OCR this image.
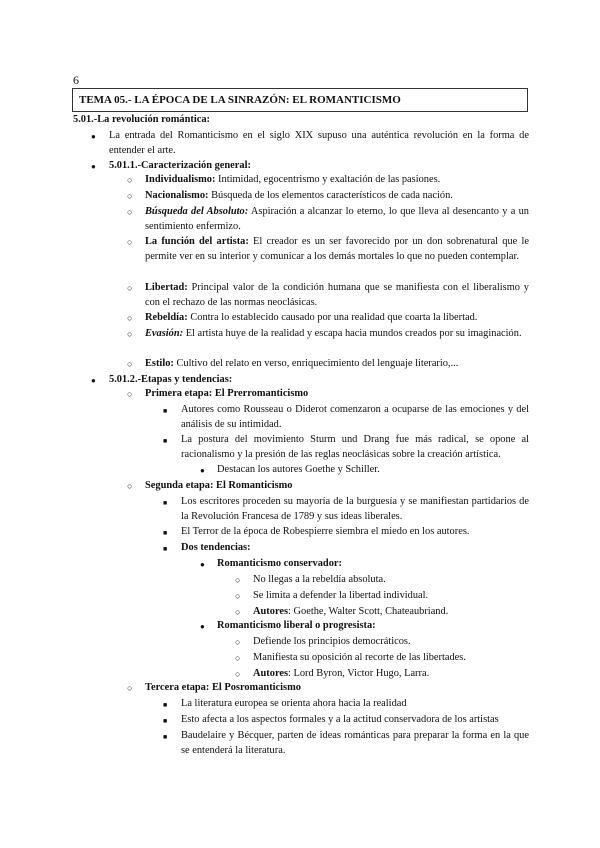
6
TEMA 05.- LA ÉPOCA DE LA SINRAZÓN: EL ROMANTICISMO
5.01.-La revolución romántica:
● La entrada del Romanticismo en el siglo XIX supuso una auténtica revolución en la forma de entender el arte.
● 5.01.1.-Caracterización general:
○ Individualismo: Intimidad, egocentrismo y exaltación de las pasiones.
○ Nacionalismo: Búsqueda de los elementos característicos de cada nación.
○ Búsqueda del Absoluto: Aspiración a alcanzar lo eterno, lo que lleva al desencanto y a un sentimiento enfermizo.
○ La función del artista: El creador es un ser favorecido por un don sobrenatural que le permite ver en su interior y comunicar a los demás mortales lo que no pueden contemplar.
○ Libertad: Principal valor de la condición humana que se manifiesta con el liberalismo y con el rechazo de las normas neoclásicas.
○ Rebeldía: Contra lo establecido causado por una realidad que coarta la libertad.
○ Evasión: El artista huye de la realidad y escapa hacia mundos creados por su imaginación.
○ Estilo: Cultivo del relato en verso, enriquecimiento del lenguaje literario,...
● 5.01.2.-Etapas y tendencias:
○ Primera etapa: El Prerromanticismo
■ Autores como Rousseau o Diderot comenzaron a ocuparse de las emociones y del análisis de su intimidad.
■ La postura del movimiento Sturm und Drang fue más radical, se opone al racionalismo y la presión de las reglas neoclásicas sobre la creación artística.
● Destacan los autores Goethe y Schiller.
○ Segunda etapa: El Romanticismo
■ Los escritores proceden su mayoría de la burguesía y se manifiestan partidarios de la Revolución Francesa de 1789 y sus ideas liberales.
■ El Terror de la época de Robespierre siembra el miedo en los autores.
■ Dos tendencias:
● Romanticismo conservador:
○ No llegas a la rebeldía absoluta.
○ Se limita a defender la libertad individual.
○ Autores: Goethe, Walter Scott, Chateaubriand.
● Romanticismo liberal o progresista:
○ Defiende los principios democráticos.
○ Manifiesta su oposición al recorte de las libertades.
○ Autores: Lord Byron, Victor Hugo, Larra.
○ Tercera etapa: El Posromanticismo
■ La literatura europea se orienta ahora hacia la realidad
■ Esto afecta a los aspectos formales y a la actitud conservadora de los artistas
■ Baudelaire y Bécquer, parten de ideas románticas para preparar la forma en la que se entenderá la literatura.
